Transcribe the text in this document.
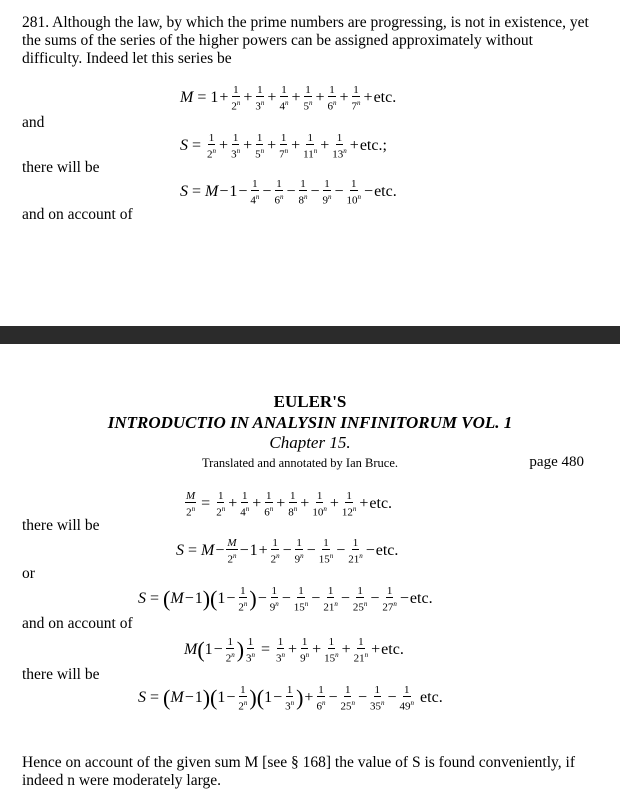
281. Although the law, by which the prime numbers are progressing, is not in existence, yet the sums of the series of the higher powers can be assigned approximately without difficulty. Indeed let this series be
$M = 1 + \frac{1}{2^n} + \frac{1}{3^n} + \frac{1}{4^n} + \frac{1}{5^n} + \frac{1}{6^n} + \frac{1}{7^n}$ + etc.
and
$S = \frac{1}{2^n} + \frac{1}{3^n} + \frac{1}{5^n} + \frac{1}{7^n} + \frac{1}{11^n} + \frac{1}{13^n}$ + etc.;
there will be
$S = M - 1 - \frac{1}{4^n} - \frac{1}{6^n} - \frac{1}{8^n} - \frac{1}{9^n} - \frac{1}{10^n}$ − etc.
and on account of
EULER'S
INTRODUCTIO IN ANALYSIN INFINITORUM VOL. 1
Chapter 15.
Translated and annotated by Ian Bruce.	page 480
$\frac{M}{2^n} = \frac{1}{2^n} + \frac{1}{4^n} + \frac{1}{6^n} + \frac{1}{8^n} + \frac{1}{10^n} + \frac{1}{12^n}$ + etc.
there will be
$S = M - \frac{M}{2^n} - 1 + \frac{1}{2^n} - \frac{1}{9^n} - \frac{1}{15^n} - \frac{1}{21^n}$ − etc.
or
S = ( M − 1 ) ( $1 - \frac{1}{2^n}$ ) − $\frac{1}{9^n} - \frac{1}{15^n} - \frac{1}{21^n} - \frac{1}{25^n} - \frac{1}{27^n}$ − etc.
and on account of
M ( $1 - \frac{1}{2^n}$ ) $\frac{1}{3^n} = \frac{1}{3^n} + \frac{1}{9^n} + \frac{1}{15^n} + \frac{1}{21^n}$ + etc.
there will be
S = ( M − 1 ) ( $1 - \frac{1}{2^n}$ ) ( $1 - \frac{1}{3^n}$ ) + $\frac{1}{6^n} - \frac{1}{25^n} - \frac{1}{35^n} - \frac{1}{49^n}$ etc.
Hence on account of the given sum M [see § 168] the value of S is found conveniently, if indeed n were moderately large.
